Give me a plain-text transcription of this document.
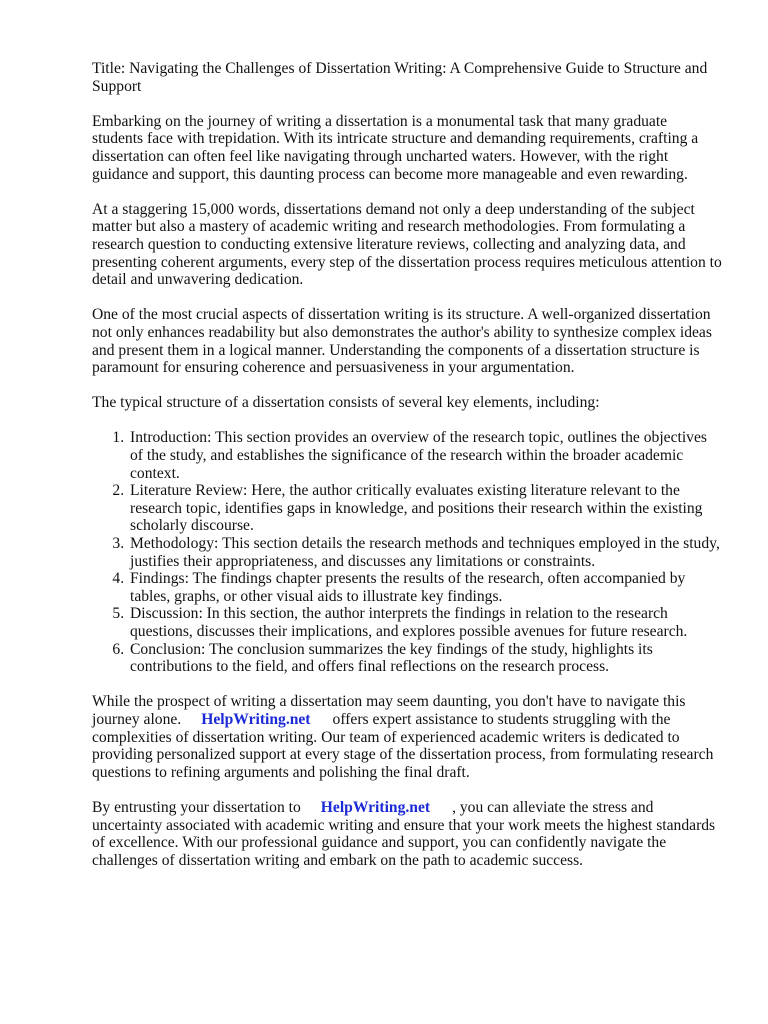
Title: Navigating the Challenges of Dissertation Writing: A Comprehensive Guide to Structure and Support

Embarking on the journey of writing a dissertation is a monumental task that many graduate students face with trepidation. With its intricate structure and demanding requirements, crafting a dissertation can often feel like navigating through uncharted waters. However, with the right guidance and support, this daunting process can become more manageable and even rewarding.

At a staggering 15,000 words, dissertations demand not only a deep understanding of the subject matter but also a mastery of academic writing and research methodologies. From formulating a research question to conducting extensive literature reviews, collecting and analyzing data, and presenting coherent arguments, every step of the dissertation process requires meticulous attention to detail and unwavering dedication.

One of the most crucial aspects of dissertation writing is its structure. A well-organized dissertation not only enhances readability but also demonstrates the author's ability to synthesize complex ideas and present them in a logical manner. Understanding the components of a dissertation structure is paramount for ensuring coherence and persuasiveness in your argumentation.

The typical structure of a dissertation consists of several key elements, including:

1. Introduction: This section provides an overview of the research topic, outlines the objectives of the study, and establishes the significance of the research within the broader academic context.
2. Literature Review: Here, the author critically evaluates existing literature relevant to the research topic, identifies gaps in knowledge, and positions their research within the existing scholarly discourse.
3. Methodology: This section details the research methods and techniques employed in the study, justifies their appropriateness, and discusses any limitations or constraints.
4. Findings: The findings chapter presents the results of the research, often accompanied by tables, graphs, or other visual aids to illustrate key findings.
5. Discussion: In this section, the author interprets the findings in relation to the research questions, discusses their implications, and explores possible avenues for future research.
6. Conclusion: The conclusion summarizes the key findings of the study, highlights its contributions to the field, and offers final reflections on the research process.

While the prospect of writing a dissertation may seem daunting, you don't have to navigate this journey alone. HelpWriting.net offers expert assistance to students struggling with the complexities of dissertation writing. Our team of experienced academic writers is dedicated to providing personalized support at every stage of the dissertation process, from formulating research questions to refining arguments and polishing the final draft.

By entrusting your dissertation to HelpWriting.net , you can alleviate the stress and uncertainty associated with academic writing and ensure that your work meets the highest standards of excellence. With our professional guidance and support, you can confidently navigate the challenges of dissertation writing and embark on the path to academic success.
